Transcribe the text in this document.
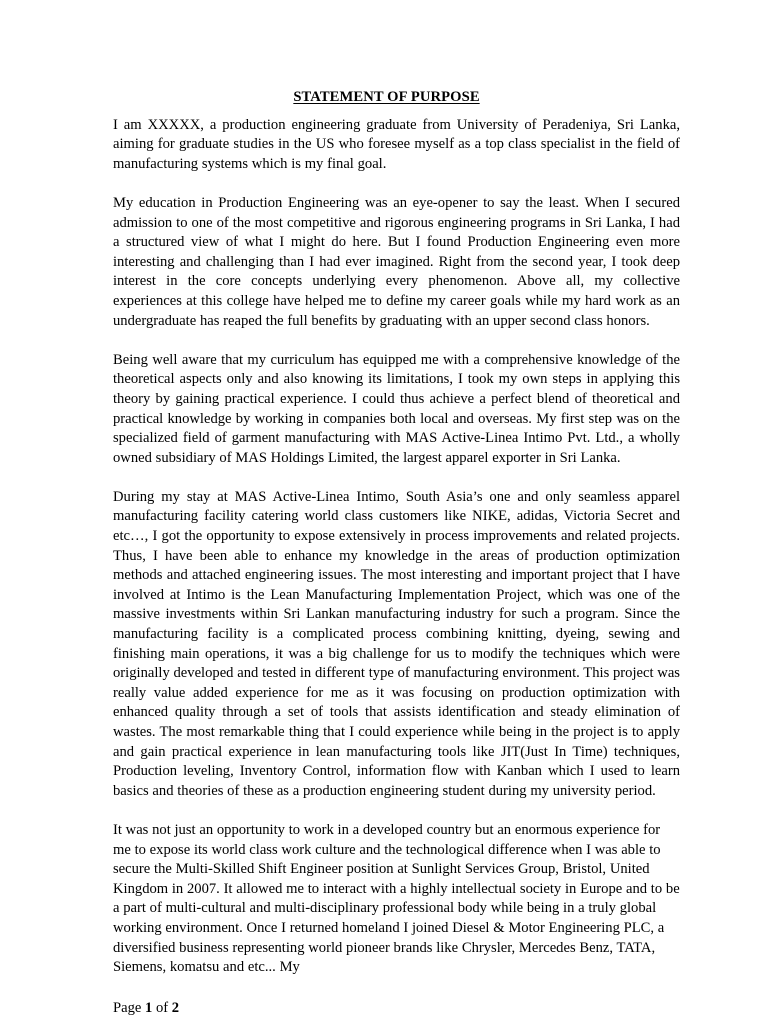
STATEMENT OF PURPOSE

I am XXXXX, a production engineering graduate from University of Peradeniya, Sri Lanka, aiming for graduate studies in the US who foresee myself as a top class specialist in the field of manufacturing systems which is my final goal.

My education in Production Engineering was an eye-opener to say the least. When I secured admission to one of the most competitive and rigorous engineering programs in Sri Lanka, I had a structured view of what I might do here. But I found Production Engineering even more interesting and challenging than I had ever imagined. Right from the second year, I took deep interest in the core concepts underlying every phenomenon. Above all, my collective experiences at this college have helped me to define my career goals while my hard work as an undergraduate has reaped the full benefits by graduating with an upper second class honors.

Being well aware that my curriculum has equipped me with a comprehensive knowledge of the theoretical aspects only and also knowing its limitations, I took my own steps in applying this theory by gaining practical experience. I could thus achieve a perfect blend of theoretical and practical knowledge by working in companies both local and overseas. My first step was on the specialized field of garment manufacturing with MAS Active-Linea Intimo Pvt. Ltd., a wholly owned subsidiary of MAS Holdings Limited, the largest apparel exporter in Sri Lanka.

During my stay at MAS Active-Linea Intimo, South Asia’s one and only seamless apparel manufacturing facility catering world class customers like NIKE, adidas, Victoria Secret and etc…, I got the opportunity to expose extensively in process improvements and related projects. Thus, I have been able to enhance my knowledge in the areas of production optimization methods and attached engineering issues. The most interesting and important project that I have involved at Intimo is the Lean Manufacturing Implementation Project, which was one of the massive investments within Sri Lankan manufacturing industry for such a program. Since the manufacturing facility is a complicated process combining knitting, dyeing, sewing and finishing main operations, it was a big challenge for us to modify the techniques which were originally developed and tested in different type of manufacturing environment. This project was really value added experience for me as it was focusing on production optimization with enhanced quality through a set of tools that assists identification and steady elimination of wastes. The most remarkable thing that I could experience while being in the project is to apply and gain practical experience in lean manufacturing tools like JIT(Just In Time) techniques, Production leveling, Inventory Control, information flow with Kanban which I used to learn basics and theories of these as a production engineering student during my university period.

It was not just an opportunity to work in a developed country but an enormous experience for me to expose its world class work culture and the technological difference when I was able to secure the Multi-Skilled Shift Engineer position at Sunlight Services Group, Bristol, United Kingdom in 2007. It allowed me to interact with a highly intellectual society in Europe and to be a part of multi-cultural and multi-disciplinary professional body while being in a truly global working environment. Once I returned homeland I joined Diesel & Motor Engineering PLC, a diversified business representing world pioneer brands like Chrysler, Mercedes Benz, TATA, Siemens, komatsu and etc... My

Page 1 of 2
